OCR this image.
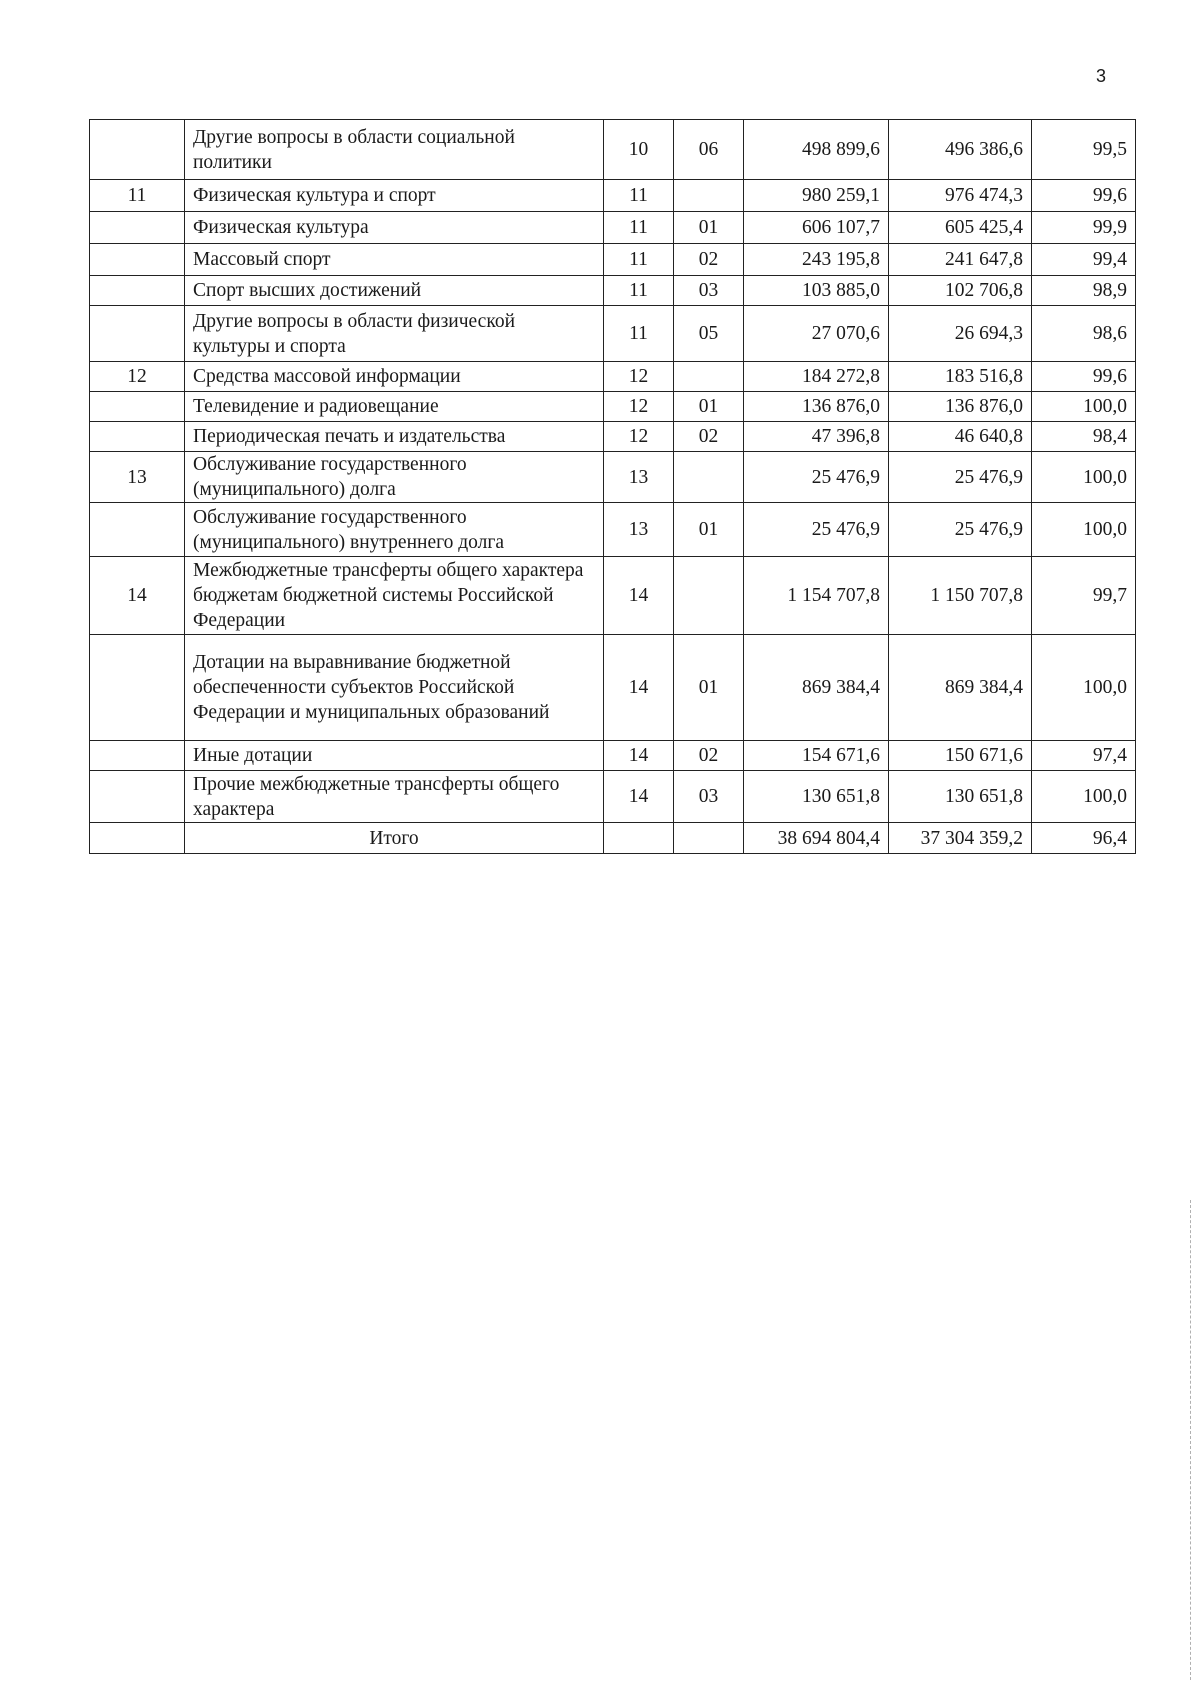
3
	Другие вопросы в области социальной политики	10	06	498 899,6	496 386,6	99,5
11	Физическая культура и спорт	11		980 259,1	976 474,3	99,6
	Физическая культура	11	01	606 107,7	605 425,4	99,9
	Массовый спорт	11	02	243 195,8	241 647,8	99,4
	Спорт высших достижений	11	03	103 885,0	102 706,8	98,9
	Другие вопросы в области физической культуры и спорта	11	05	27 070,6	26 694,3	98,6
12	Средства массовой информации	12		184 272,8	183 516,8	99,6
	Телевидение и радиовещание	12	01	136 876,0	136 876,0	100,0
	Периодическая печать и издательства	12	02	47 396,8	46 640,8	98,4
13	Обслуживание государственного (муниципального) долга	13		25 476,9	25 476,9	100,0
	Обслуживание государственного (муниципального) внутреннего долга	13	01	25 476,9	25 476,9	100,0
14	Межбюджетные трансферты общего характера бюджетам бюджетной системы Российской Федерации	14		1 154 707,8	1 150 707,8	99,7
	Дотации на выравнивание бюджетной обеспеченности субъектов Российской Федерации и муниципальных образований	14	01	869 384,4	869 384,4	100,0
	Иные дотации	14	02	154 671,6	150 671,6	97,4
	Прочие межбюджетные трансферты общего характера	14	03	130 651,8	130 651,8	100,0
	Итого			38 694 804,4	37 304 359,2	96,4
